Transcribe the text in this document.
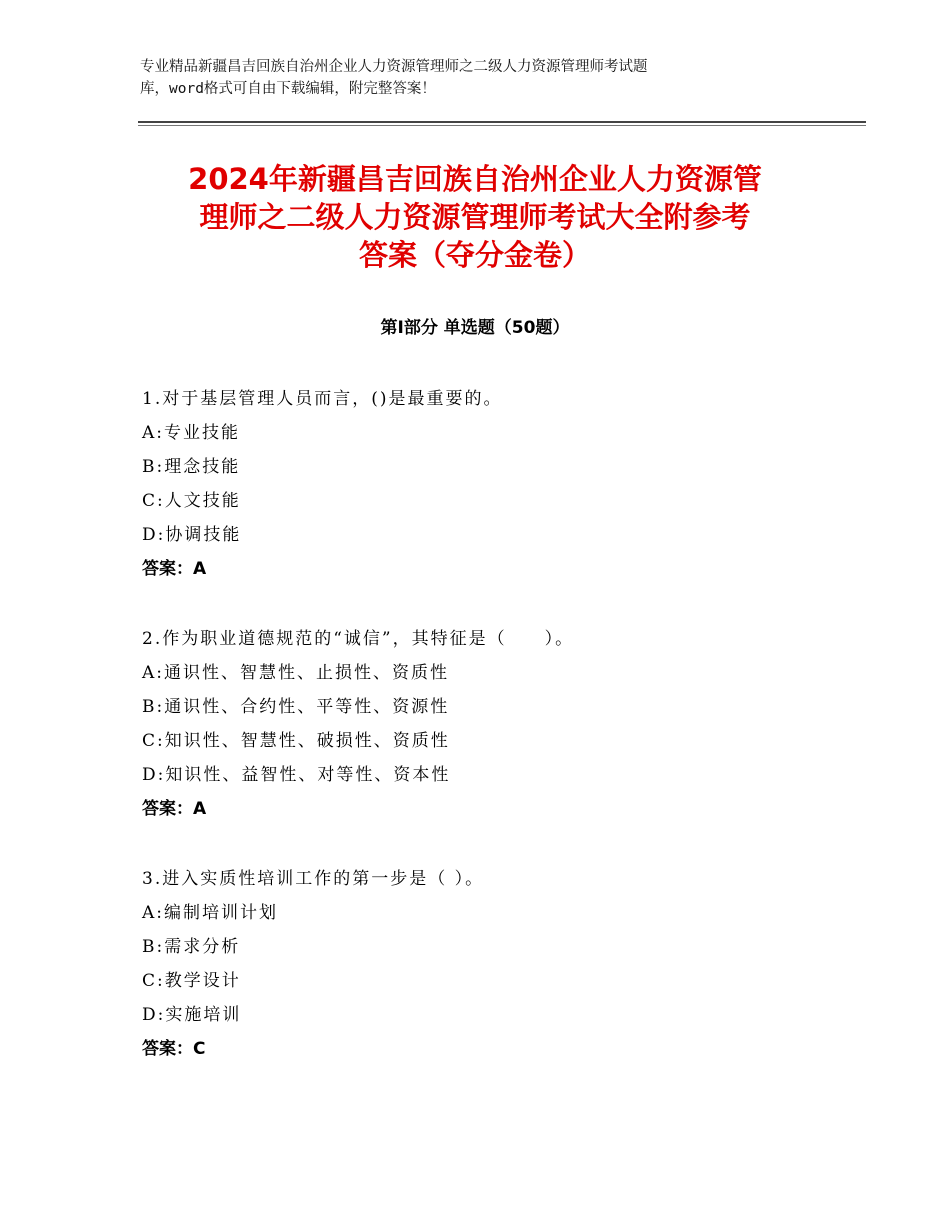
专业精品新疆昌吉回族自治州企业人力资源管理师之二级人力资源管理师考试题
库，word格式可自由下载编辑，附完整答案！
2024年新疆昌吉回族自治州企业人力资源管
理师之二级人力资源管理师考试大全附参考
答案（夺分金卷）
第Ⅰ部分 单选题（50题）
1.对于基层管理人员而言，()是最重要的。
A:专业技能
B:理念技能
C:人文技能
D:协调技能
答案：A
2.作为职业道德规范的“诚信”，其特征是（　　）。
A:通识性、智慧性、止损性、资质性
B:通识性、合约性、平等性、资源性
C:知识性、智慧性、破损性、资质性
D:知识性、益智性、对等性、资本性
答案：A
3.进入实质性培训工作的第一步是（ ）。
A:编制培训计划
B:需求分析
C:教学设计
D:实施培训
答案：C
